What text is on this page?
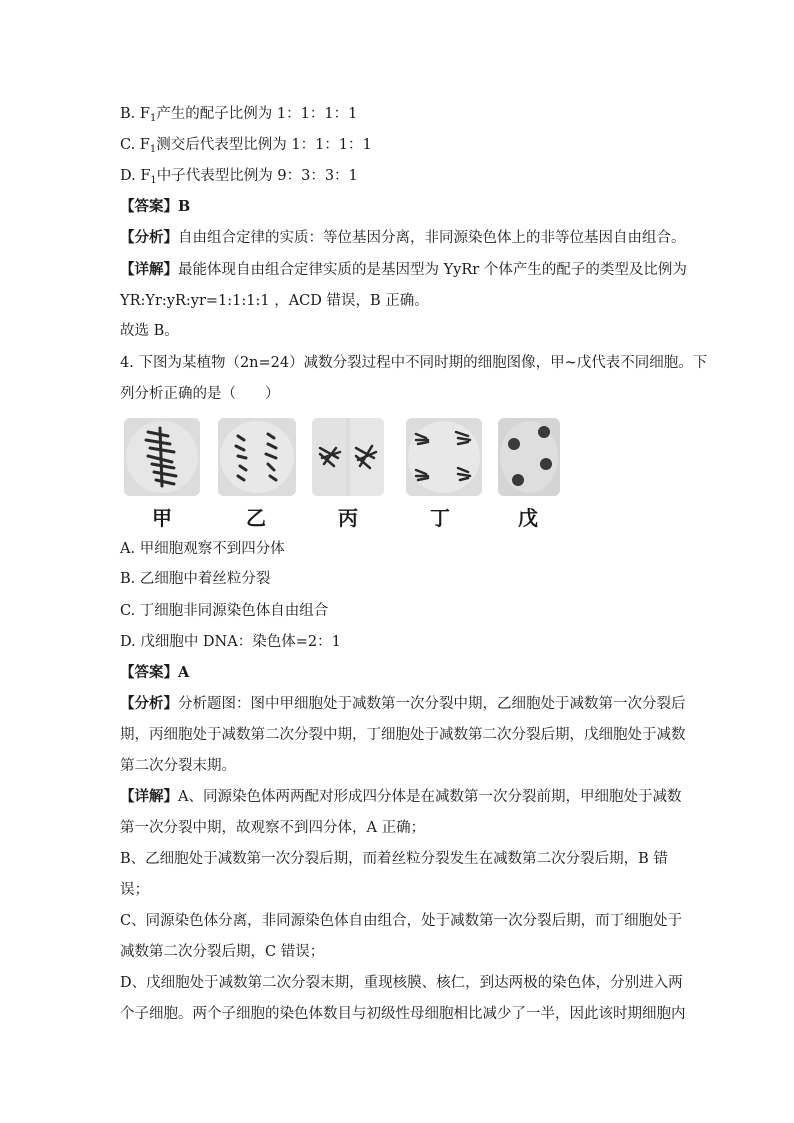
B. $F_1$产生的配子比例为 1：1：1：1
C. $F_1$测交后代表型比例为 1：1：1：1
D. $F_1$中子代表型比例为 9：3：3：1
【答案】B
【分析】自由组合定律的实质：等位基因分离，非同源染色体上的非等位基因自由组合。
【详解】最能体现自由组合定律实质的是基因型为 YyRr 个体产生的配子的类型及比例为
YR:Yr:yR:yr=1:1:1:1 ，ACD 错误，B 正确。
故选 B。
4. 下图为某植物（2n=24）减数分裂过程中不同时期的细胞图像，甲~戊代表不同细胞。下
列分析正确的是（　　）
甲	乙	丙	丁	戊
A. 甲细胞观察不到四分体
B. 乙细胞中着丝粒分裂
C. 丁细胞非同源染色体自由组合
D. 戊细胞中 DNA：染色体=2：1
【答案】A
【分析】分析题图：图中甲细胞处于减数第一次分裂中期，乙细胞处于减数第一次分裂后
期，丙细胞处于减数第二次分裂中期，丁细胞处于减数第二次分裂后期，戊细胞处于减数
第二次分裂末期。
【详解】A、同源染色体两两配对形成四分体是在减数第一次分裂前期，甲细胞处于减数
第一次分裂中期，故观察不到四分体，A 正确；
B、乙细胞处于减数第一次分裂后期，而着丝粒分裂发生在减数第二次分裂后期，B 错
误；
C、同源染色体分离，非同源染色体自由组合，处于减数第一次分裂后期，而丁细胞处于
减数第二次分裂后期，C 错误；
D、戊细胞处于减数第二次分裂末期，重现核膜、核仁，到达两极的染色体，分别进入两
个子细胞。两个子细胞的染色体数目与初级性母细胞相比减少了一半，因此该时期细胞内
